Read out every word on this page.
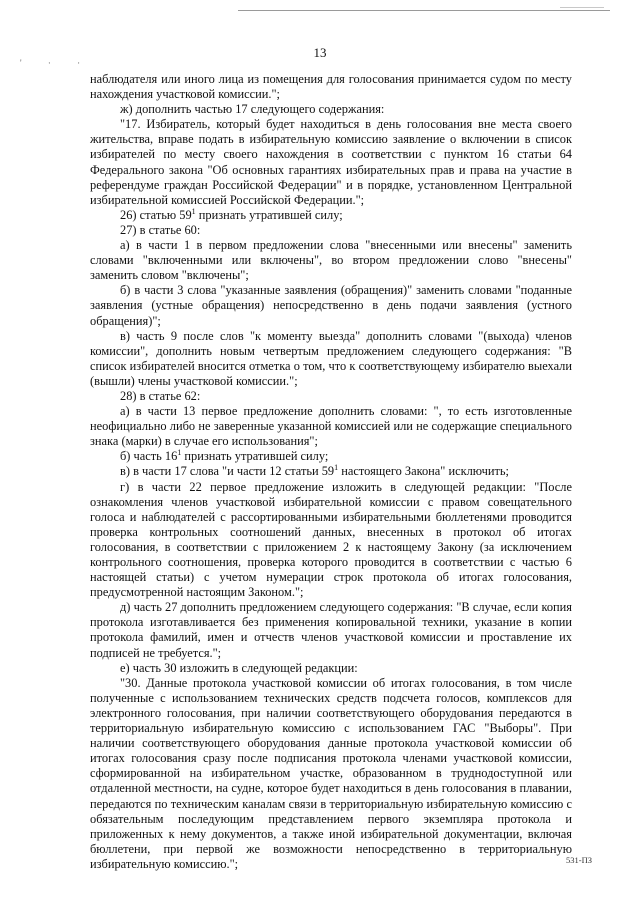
' · ·
13

наблюдателя или иного лица из помещения для голосования принимается судом по месту нахождения участковой комиссии.";

ж) дополнить частью 17 следующего содержания:

"17. Избиратель, который будет находиться в день голосования вне места своего жительства, вправе подать в избирательную комиссию заявление о включении в список избирателей по месту своего нахождения в соответствии с пунктом 16 статьи 64 Федерального закона "Об основных гарантиях избирательных прав и права на участие в референдуме граждан Российской Федерации" и в порядке, установленном Центральной избирательной комиссией Российской Федерации.";

26) статью $59^1$ признать утратившей силу;

27) в статье 60:

а) в части 1 в первом предложении слова "внесенными или внесены" заменить словами "включенными или включены", во втором предложении слово "внесены" заменить словом "включены";

б) в части 3 слова "указанные заявления (обращения)" заменить словами "поданные заявления (устные обращения) непосредственно в день подачи заявления (устного обращения)";

в) часть 9 после слов "к моменту выезда" дополнить словами "(выхода) членов комиссии", дополнить новым четвертым предложением следующего содержания: "В список избирателей вносится отметка о том, что к соответствующему избирателю выехали (вышли) члены участковой комиссии.";

28) в статье 62:

а) в части 13 первое предложение дополнить словами: ", то есть изготовленные неофициально либо не заверенные указанной комиссией или не содержащие специального знака (марки) в случае его использования";

б) часть $16^1$ признать утратившей силу;

в) в части 17 слова "и части 12 статьи $59^1$ настоящего Закона" исключить;

г) в части 22 первое предложение изложить в следующей редакции: "После ознакомления членов участковой избирательной комиссии с правом совещательного голоса и наблюдателей с рассортированными избирательными бюллетенями проводится проверка контрольных соотношений данных, внесенных в протокол об итогах голосования, в соответствии с приложением 2 к настоящему Закону (за исключением контрольного соотношения, проверка которого проводится в соответствии с частью 6 настоящей статьи) с учетом нумерации строк протокола об итогах голосования, предусмотренной настоящим Законом.";

д) часть 27 дополнить предложением следующего содержания: "В случае, если копия протокола изготавливается без применения копировальной техники, указание в копии протокола фамилий, имен и отчеств членов участковой комиссии и проставление их подписей не требуется.";

е) часть 30 изложить в следующей редакции:

"30. Данные протокола участковой комиссии об итогах голосования, в том числе полученные с использованием технических средств подсчета голосов, комплексов для электронного голосования, при наличии соответствующего оборудования передаются в территориальную избирательную комиссию с использованием ГАС "Выборы". При наличии соответствующего оборудования данные протокола участковой комиссии об итогах голосования сразу после подписания протокола членами участковой комиссии, сформированной на избирательном участке, образованном в труднодоступной или отдаленной местности, на судне, которое будет находиться в день голосования в плавании, передаются по техническим каналам связи в территориальную избирательную комиссию с обязательным последующим представлением первого экземпляра протокола и приложенных к нему документов, а также иной избирательной документации, включая бюллетени, при первой же возможности непосредственно в территориальную избирательную комиссию.";	531-ПЗ
